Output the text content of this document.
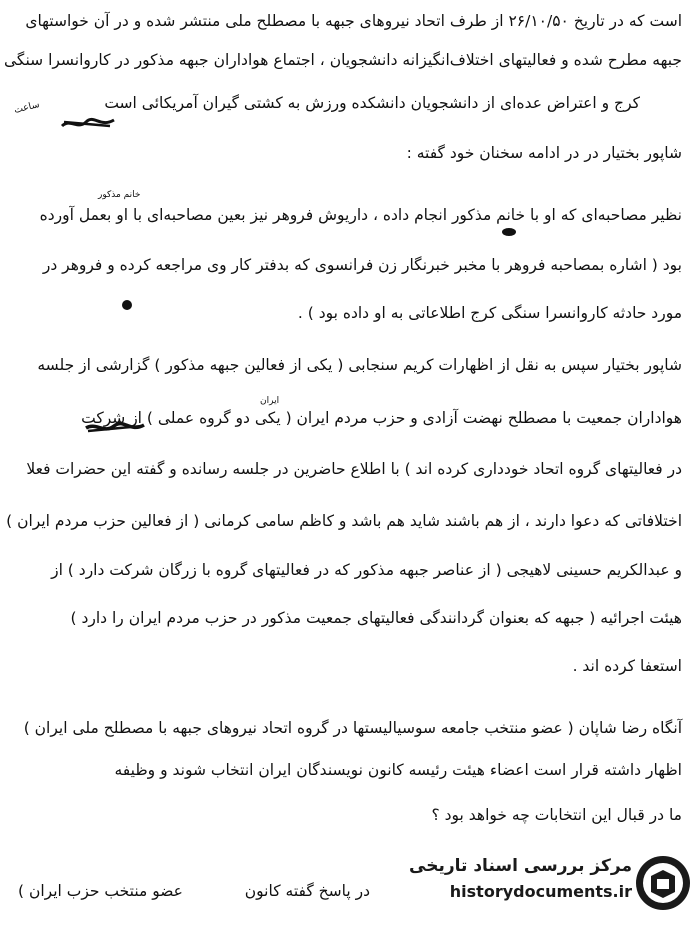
است که در تاریخ ۲۶/۱۰/۵۰ از طرف اتحاد نیروهای جبهه با مصطلح ملی منتشر شده و در آن خواستهای
جبهه مطرح شده و فعالیتهای اختلاف‌انگیزانه دانشجویان ، اجتماع هواداران جبهه مذکور در کاروانسرا سنگی
کرج و اعتراض عده‌ای از دانشجویان دانشکده ورزش به کشتی گیران آمریکائی است
شاپور بختیار در در ادامه سخنان خود گفته :
نظیر مصاحبه‌ای که او با خانم مذکور انجام داده ، داریوش فروهر نیز بعین مصاحبه‌ای با او بعمل آورده
بود ( اشاره بمصاحبه فروهر با مخبر خبرنگار زن فرانسوی که بدفتر کار وی مراجعه کرده و فروهر در
مورد حادثه کاروانسرا سنگی کرج اطلاعاتی به او داده بود ) .
شاپور بختیار سپس به نقل از اظهارات کریم سنجابی ( یکی از فعالین جبهه مذکور ) گزارشی از جلسه
هواداران جمعیت با مصطلح نهضت آزادی و حزب مردم ایران ( یکی دو گروه عملی ) از شرکت
در فعالیتهای گروه اتحاد خودداری کرده اند ) با اطلاع حاضرین در جلسه رسانده و گفته این حضرات فعلا
اختلافاتی که دعوا دارند ، از هم باشند شاید هم باشد و کاظم سامی کرمانی ( از فعالین حزب مردم ایران )
و عبدالکریم حسینی لاهیجی ( از عناصر جبهه مذکور که در فعالیتهای گروه با زرگان شرکت دارد ) از
هیئت اجرائیه ( جبهه که بعنوان گردانندگی فعالیتهای جمعیت مذکور در حزب مردم ایران را دارد )
استعفا کرده اند .
آنگاه رضا شاپان ( عضو منتخب جامعه سوسیالیستها در گروه اتحاد نیروهای جبهه با مصطلح ملی ایران )
اظهار داشته قرار است اعضاء هیئت رئیسه کانون نویسندگان ایران انتخاب شوند و وظیفه
ما در قبال این انتخابات چه خواهد بود ؟
در پاسخ گفته کانون
عضو منتخب حزب ایران )
ساعت
خانم مذکور
ایران
مرکز بررسی اسناد تاریخی
historydocuments.ir
